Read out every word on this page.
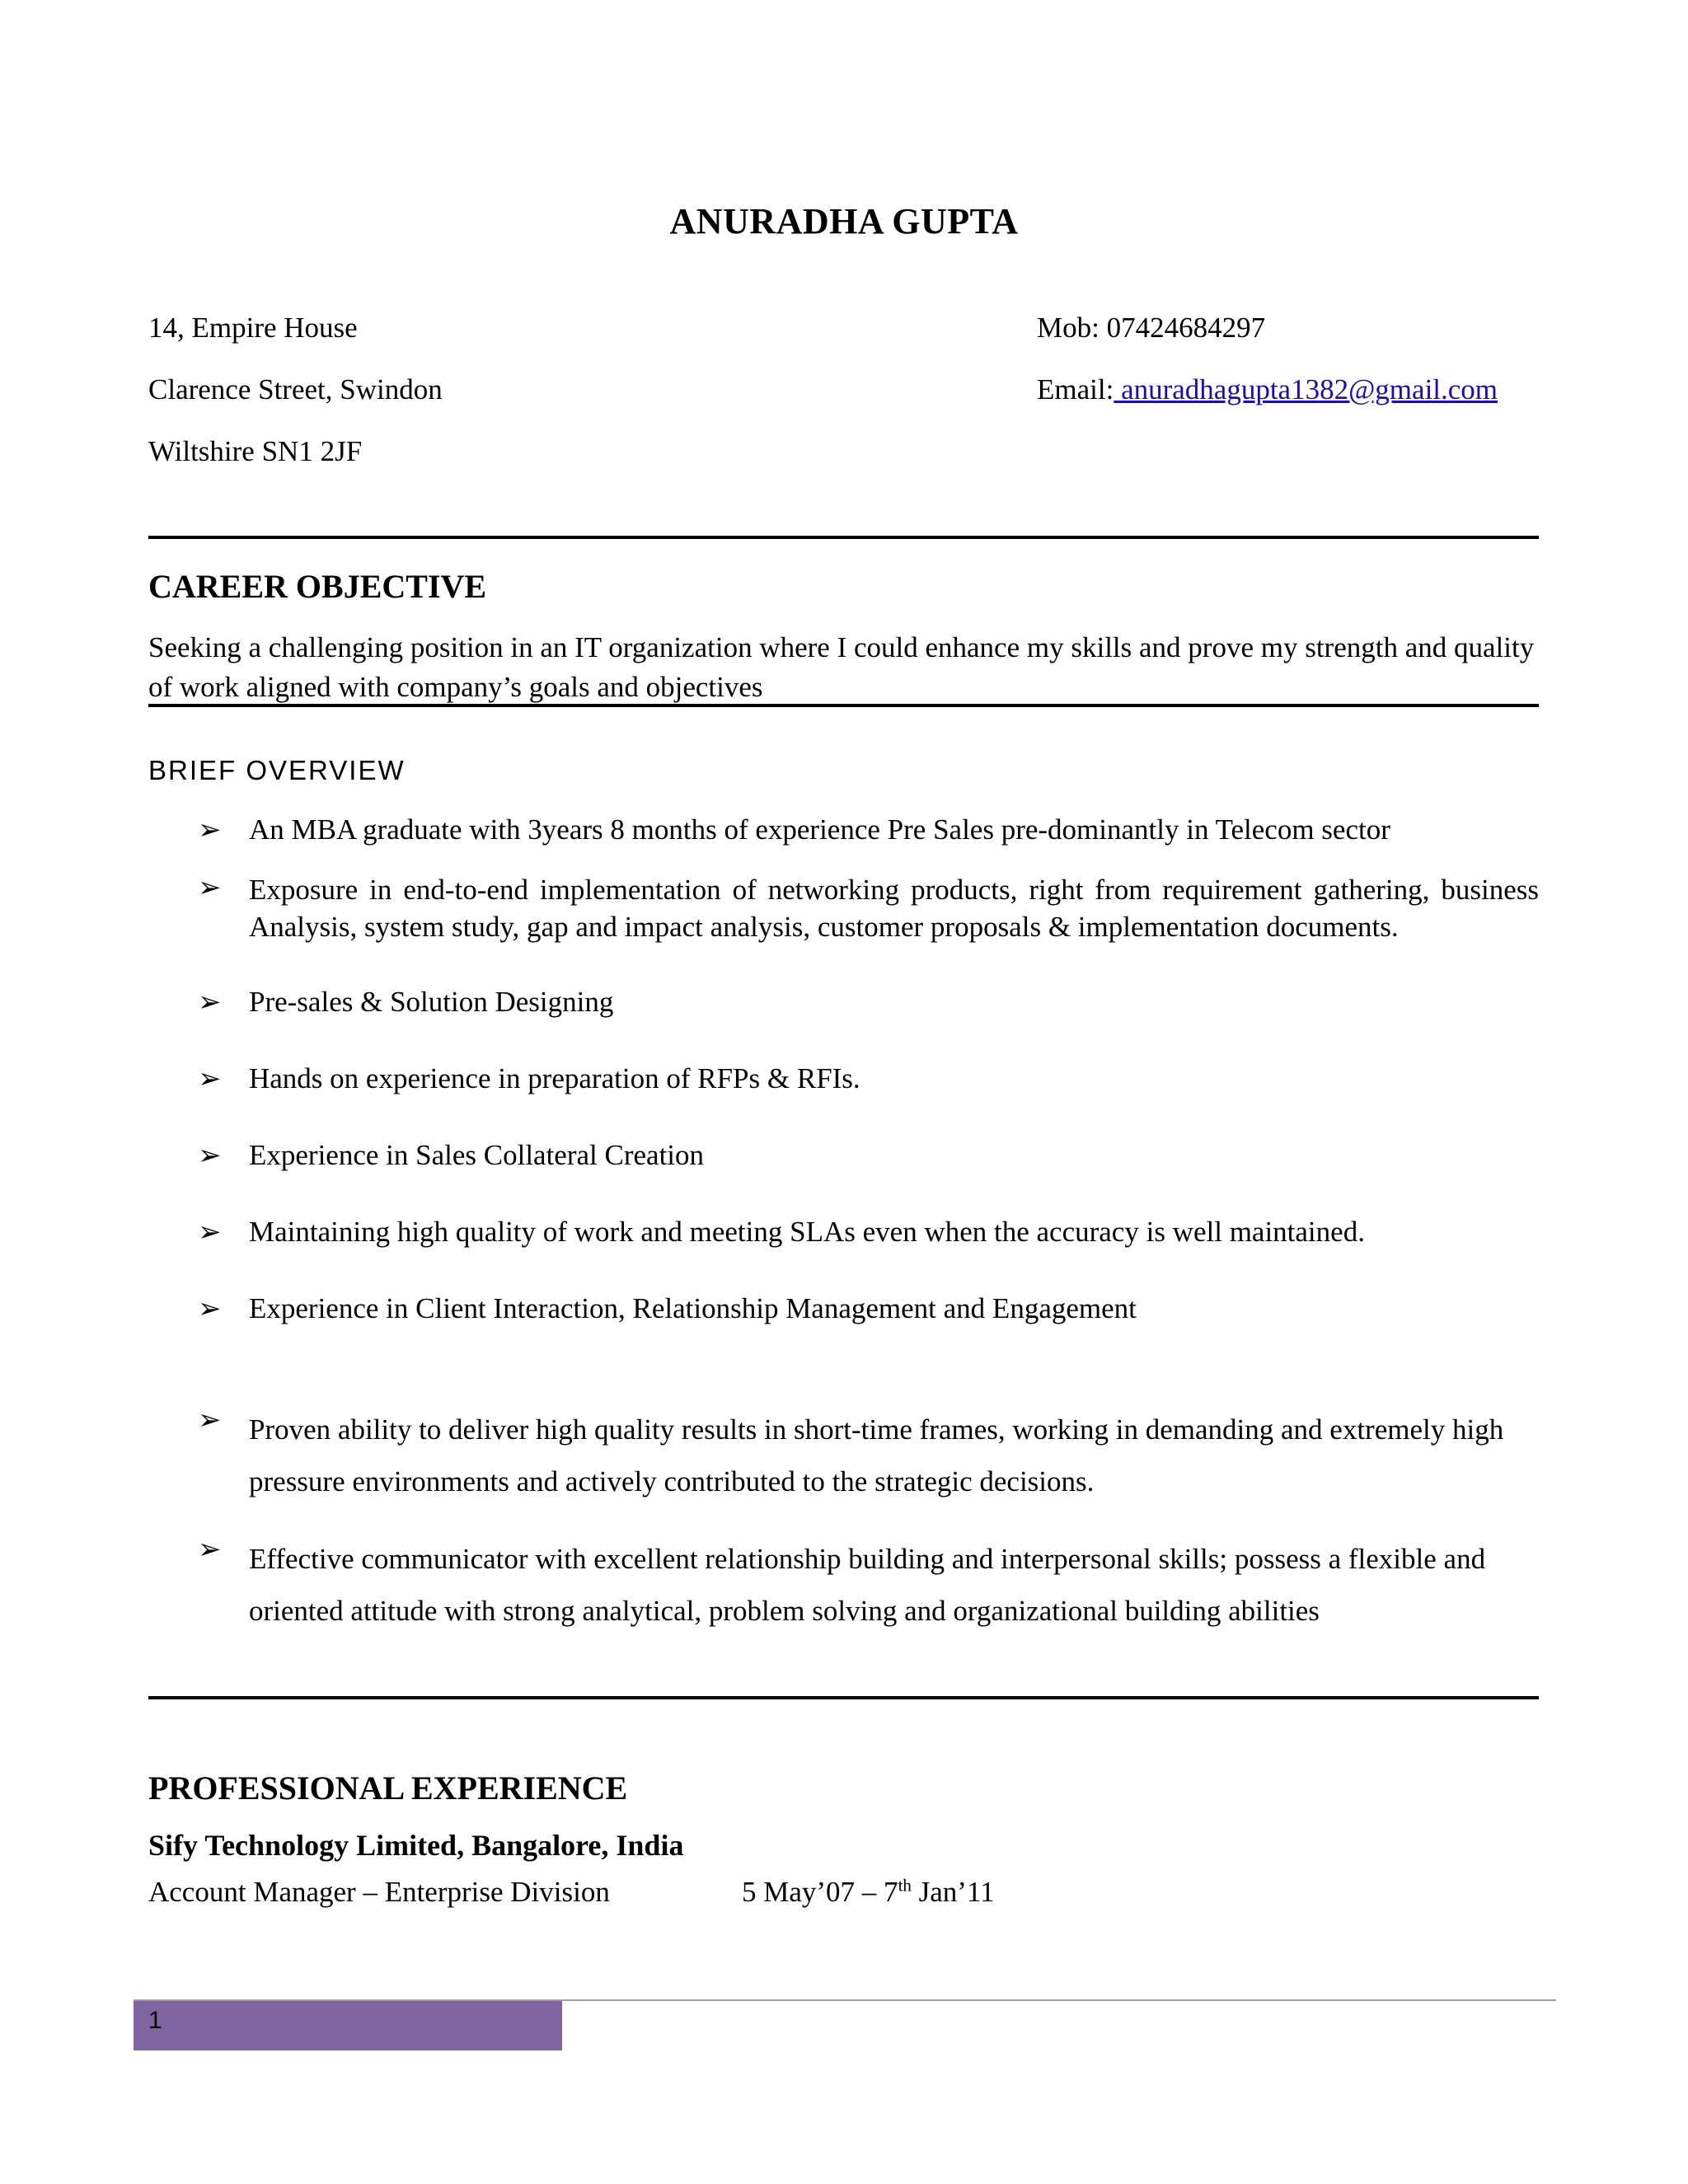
ANURADHA GUPTA
14, Empire House
Clarence Street, Swindon
Wiltshire SN1 2JF
Mob: 07424684297
Email: anuradhagupta1382@gmail.com
CAREER OBJECTIVE
Seeking a challenging position in an IT organization where I could enhance my skills and prove my strength and quality of work aligned with company’s goals and objectives
BRIEF OVERVIEW
➢ An MBA graduate with 3years 8 months of experience Pre Sales pre-dominantly in Telecom sector
➢ Exposure in end-to-end implementation of networking products, right from requirement gathering, business Analysis, system study, gap and impact analysis, customer proposals & implementation documents.
➢ Pre-sales & Solution Designing
➢ Hands on experience in preparation of RFPs & RFIs.
➢ Experience in Sales Collateral Creation
➢ Maintaining high quality of work and meeting SLAs even when the accuracy is well maintained.
➢ Experience in Client Interaction, Relationship Management and Engagement
➢ Proven ability to deliver high quality results in short-time frames, working in demanding and extremely high pressure environments and actively contributed to the strategic decisions.
➢ Effective communicator with excellent relationship building and interpersonal skills; possess a flexible and oriented attitude with strong analytical, problem solving and organizational building abilities
PROFESSIONAL EXPERIENCE
Sify Technology Limited, Bangalore, India
Account Manager – Enterprise Division	5 May’07 – 7th Jan’11
1
